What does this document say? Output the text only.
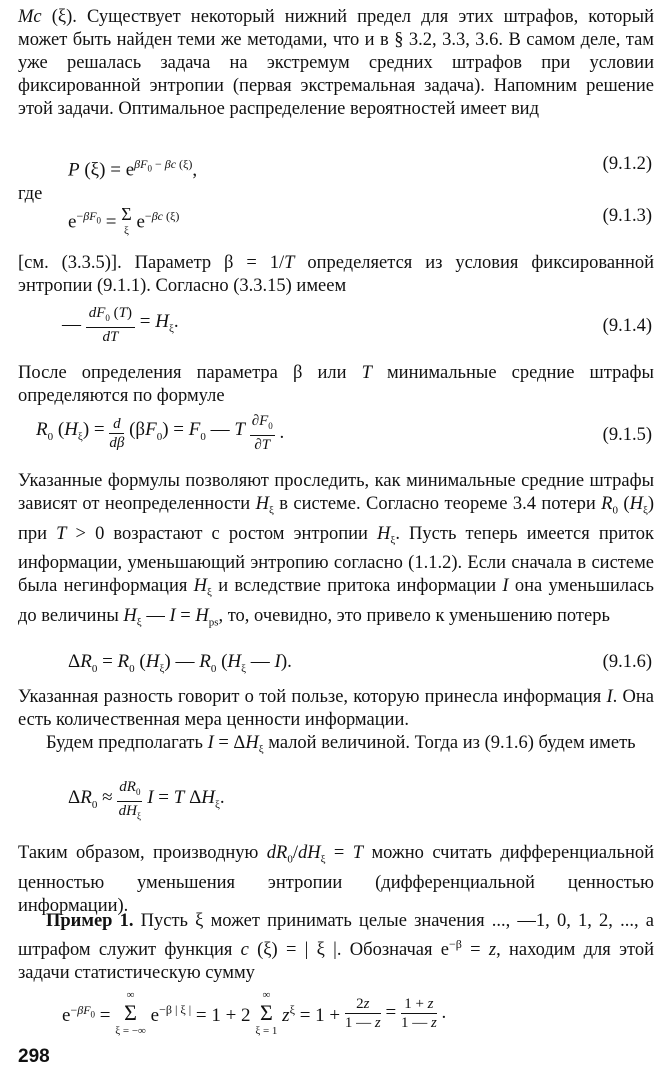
Mc (ξ). Существует некоторый нижний предел для этих штрафов, который может быть найден теми же методами, что и в § 3.2, 3.3, 3.6. В самом деле, там уже решалась задача на экстремум средних штрафов при условии фиксированной энтропии (первая экстремальная задача). Напомним решение этой задачи. Оптимальное распределение вероятностей имеет вид

P $(\xi) = e^{\beta F_0 - \beta c (\xi)}$,	(9.1.2)
где
$e^{-\beta F_0} = \Sigma$
ξ $e^{-\beta c (\xi)}$	(9.1.3)

[см. (3.3.5)]. Параметр β = 1/T определяется из условия фиксированной энтропии (9.1.1). Согласно (3.3.15) имеем

— $\frac{dF_0 (T)}{dT} = H_\xi$.	(9.1.4)

После определения параметра β или T минимальные средние штрафы определяются по формуле

$R_0$ $(H_\xi) = \frac{d}{d\beta} (\beta F_0) = F_0$ — T $\frac{\partial F_0}{\partial T}$ .	(9.1.5)

Указанные формулы позволяют проследить, как минимальные средние штрафы зависят от неопределенности $H_\xi$ в системе. Согласно теореме 3.4 потери $R_0$ $(H_\xi)$ при T > 0 возрастают с ростом энтропии $H_\xi$. Пусть теперь имеется приток информации, уменьшающий энтропию согласно (1.1.2). Если сначала в системе была негинформация $H_\xi$ и вследствие притока информации I она уменьшилась до величины $H_\xi$ — $I = H_{ps}$, то, очевидно, это привело к уменьшению потерь

$\Delta R_0 = R_0$ $(H_\xi)$ — $R_0$ ($H_\xi$ — I).	(9.1.6)

Указанная разность говорит о той пользе, которую принесла информация I. Она есть количественная мера ценности информации.

Будем предполагать $I = \Delta H_\xi$ малой величиной. Тогда из (9.1.6) будем иметь

$\Delta R_0$ ≈
$dR_0$
$dH_\xi$
I = T $\Delta H_\xi$.

Таким образом, производную $dR_0/dH_\xi = T$ можно считать дифференциальной ценностью уменьшения энтропии (дифференциальной ценностью информации).

Пример 1. Пусть ξ может принимать целые значения ..., —1, 0, 1, 2, ..., а штрафом служит функция c (ξ) = | ξ |. Обозначая $e^{-\beta} = z$, находим для этой задачи статистическую сумму

$e^{-\beta F_0}$ =
∞
Σ
ξ = −∞
$e^{-\beta | \xi |} = 1 + 2$
∞
Σ
ξ = 1
$z^\xi = 1 + \frac{2z}{1 — z} = \frac{1 + z}{1 — z}$ .
298
